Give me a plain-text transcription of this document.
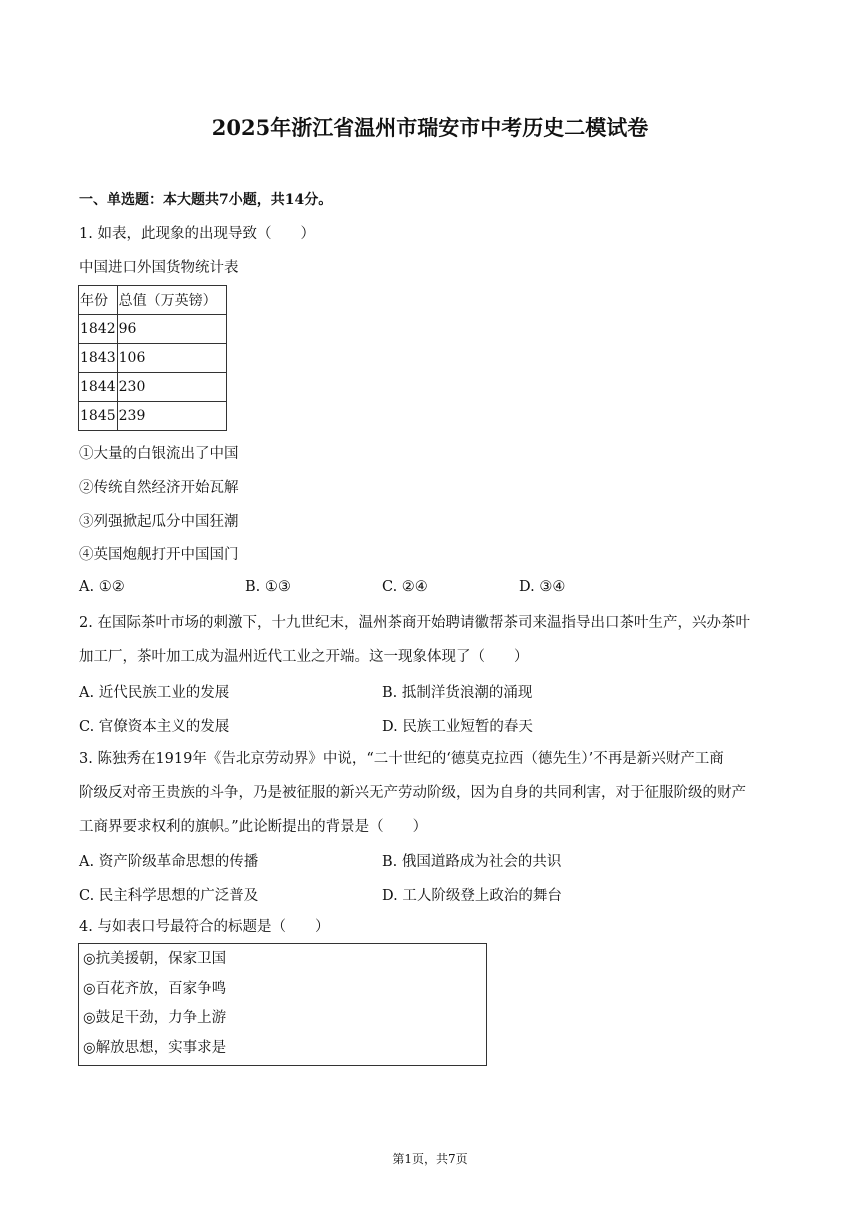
2025年浙江省温州市瑞安市中考历史二模试卷
一、单选题：本大题共7小题，共14分。
1. 如表，此现象的出现导致（　　）
中国进口外国货物统计表
年份	总值（万英镑）
1842	96
1843	106
1844	230
1845	239
①大量的白银流出了中国
②传统自然经济开始瓦解
③列强掀起瓜分中国狂潮
④英国炮舰打开中国国门
A. ①②	B. ①③	C. ②④	D. ③④
2. 在国际茶叶市场的刺激下，十九世纪末，温州茶商开始聘请徽帮茶司来温指导出口茶叶生产，兴办茶叶
加工厂，茶叶加工成为温州近代工业之开端。这一现象体现了（　　）
A. 近代民族工业的发展	B. 抵制洋货浪潮的涌现
C. 官僚资本主义的发展	D. 民族工业短暂的春天
3. 陈独秀在1919年《告北京劳动界》中说，“二十世纪的‘德莫克拉西（德先生）’不再是新兴财产工商
阶级反对帝王贵族的斗争，乃是被征服的新兴无产劳动阶级，因为自身的共同利害，对于征服阶级的财产
工商界要求权利的旗帜。”此论断提出的背景是（　　）
A. 资产阶级革命思想的传播	B. 俄国道路成为社会的共识
C. 民主科学思想的广泛普及	D. 工人阶级登上政治的舞台
4. 与如表口号最符合的标题是（　　）
◎抗美援朝，保家卫国
◎百花齐放，百家争鸣
◎鼓足干劲，力争上游
◎解放思想，实事求是
第1页，共7页
